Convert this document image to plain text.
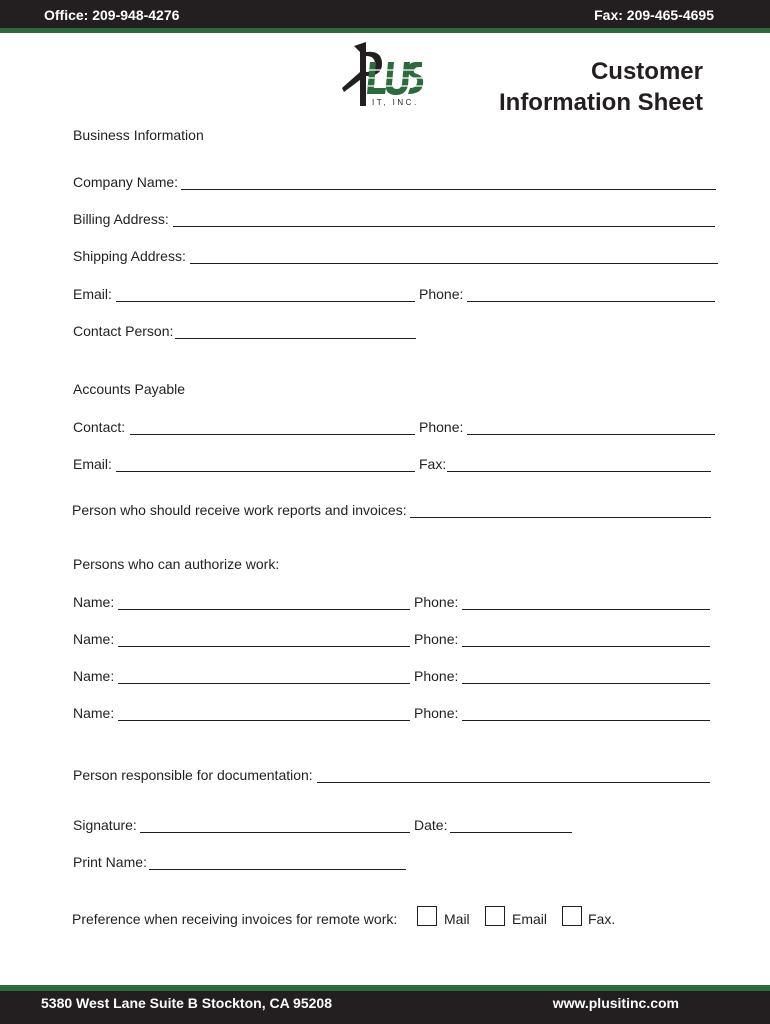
Office: 209-948-4276	Fax: 209-465-4695
IT, INC.
Customer
Information Sheet
Business Information
Company Name:
Billing Address:
Shipping Address:
Email:	Phone:
Contact Person:
Accounts Payable
Contact:	Phone:
Email:	Fax:
Person who should receive work reports and invoices:
Persons who can authorize work:
Name:	Phone:
Name:	Phone:
Name:	Phone:
Name:	Phone:
Person responsible for documentation:
Signature:	Date:
Print Name:
Preference when receiving invoices for remote work:	Mail	Email	Fax.
5380 West Lane Suite B Stockton, CA 95208	www.plusitinc.com
